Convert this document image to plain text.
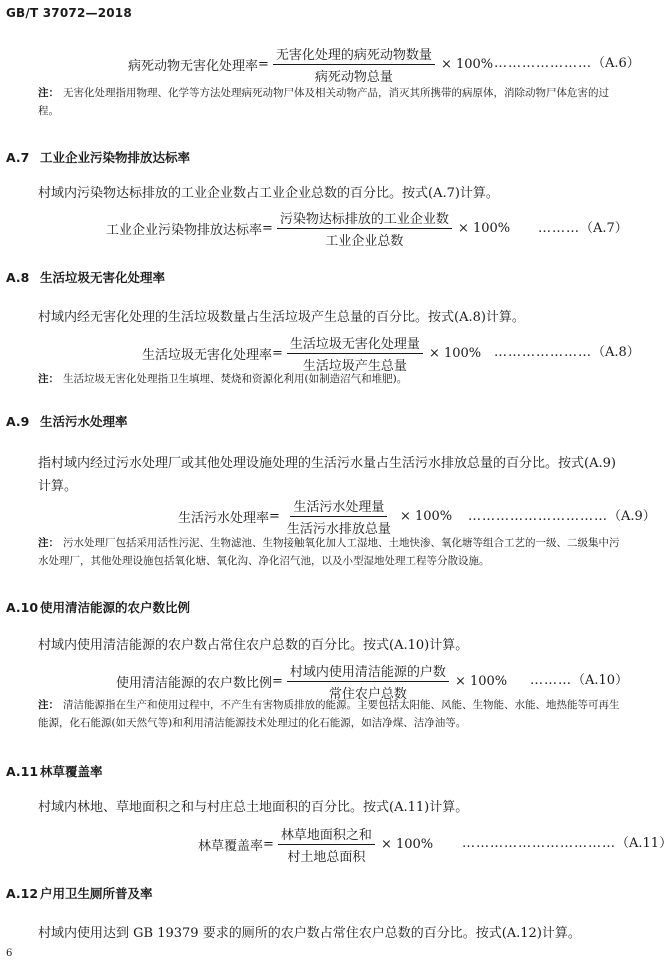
GB/T 37072—2018
病死动物无害化处理率 = $\frac{\text{无害化处理的病死动物数量}}{\text{病死动物总量}} \times 100\%$ …………………（A.6）
注： 无害化处理指用物理、化学等方法处理病死动物尸体及相关动物产品，消灭其所携带的病原体，消除动物尸体危害的过程。
A.7 工业企业污染物排放达标率
村域内污染物达标排放的工业企业数占工业企业总数的百分比。按式(A.7)计算。
工业企业污染物排放达标率 = $\frac{\text{污染物达标排放的工业企业数}}{\text{工业企业总数}} \times 100\%$ ………（A.7）
A.8 生活垃圾无害化处理率
村域内经无害化处理的生活垃圾数量占生活垃圾产生总量的百分比。按式(A.8)计算。
生活垃圾无害化处理率 = $\frac{\text{生活垃圾无害化处理量}}{\text{生活垃圾产生总量}} \times 100\%$ …………………（A.8）
注： 生活垃圾无害化处理指卫生填埋、焚烧和资源化利用(如制造沼气和堆肥)。
A.9 生活污水处理率
指村域内经过污水处理厂或其他处理设施处理的生活污水量占生活污水排放总量的百分比。按式(A.9)计算。
生活污水处理率 = $\frac{\text{生活污水处理量}}{\text{生活污水排放总量}} \times 100\%$ …………………………（A.9）
注： 污水处理厂包括采用活性污泥、生物滤池、生物接触氧化加人工湿地、土地快渗、氧化塘等组合工艺的一级、二级集中污水处理厂，其他处理设施包括氧化塘、氧化沟、净化沼气池，以及小型湿地处理工程等分散设施。
A.10 使用清洁能源的农户数比例
村域内使用清洁能源的农户数占常住农户总数的百分比。按式(A.10)计算。
使用清洁能源的农户数比例 = $\frac{\text{村域内使用清洁能源的户数}}{\text{常住农户总数}} \times 100\%$ ………（A.10）
注： 清洁能源指在生产和使用过程中，不产生有害物质排放的能源。主要包括太阳能、风能、生物能、水能、地热能等可再生能源，化石能源(如天然气等)和利用清洁能源技术处理过的化石能源，如洁净煤、洁净油等。
A.11 林草覆盖率
村域内林地、草地面积之和与村庄总土地面积的百分比。按式(A.11)计算。
林草覆盖率 = $\frac{\text{林草地面积之和}}{\text{村土地总面积}} \times 100\%$ ……………………………（A.11）
A.12 户用卫生厕所普及率
村域内使用达到 GB 19379 要求的厕所的农户数占常住农户总数的百分比。按式(A.12)计算。
6
